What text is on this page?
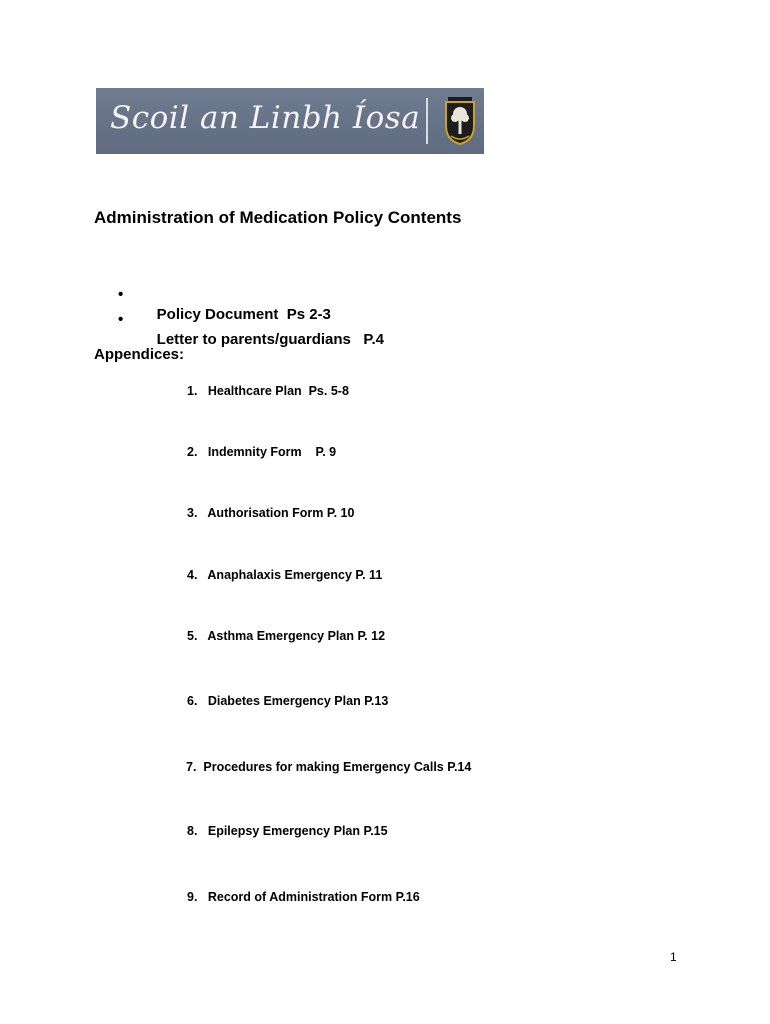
Scoil an Linbh Íosa
Administration of Medication Policy Contents

•
Policy Document  Ps 2-3

•
Letter to parents/guardians   P.4

Appendices:
1. Healthcare Plan  Ps. 5-8
2. Indemnity Form    P. 9
3. Authorisation Form P. 10
4. Anaphalaxis Emergency P. 11
5. Asthma Emergency Plan P. 12
6. Diabetes Emergency Plan P.13
7. Procedures for making Emergency Calls P.14
8. Epilepsy Emergency Plan P.15
9. Record of Administration Form P.16
1
